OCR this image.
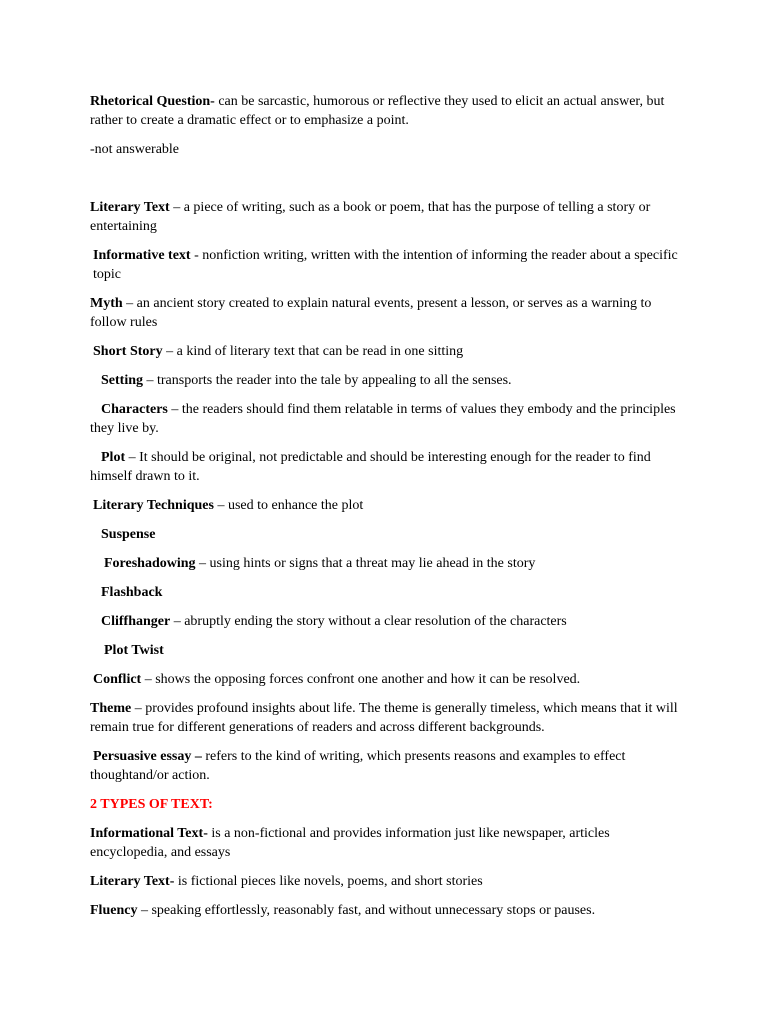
Rhetorical Question- can be sarcastic, humorous or reflective they used to elicit an actual answer, but rather to create a dramatic effect or to emphasize a point.

-not answerable

Literary Text – a piece of writing, such as a book or poem, that has the purpose of telling a story or entertaining

Informative text - nonfiction writing, written with the intention of informing the reader about a specific topic

Myth – an ancient story created to explain natural events, present a lesson, or serves as a warning to follow rules

Short Story – a kind of literary text that can be read in one sitting

Setting – transports the reader into the tale by appealing to all the senses.

Characters – the readers should find them relatable in terms of values they embody and the principles they live by.

Plot – It should be original, not predictable and should be interesting enough for the reader to find himself drawn to it.

Literary Techniques – used to enhance the plot

Suspense

Foreshadowing – using hints or signs that a threat may lie ahead in the story

Flashback

Cliffhanger – abruptly ending the story without a clear resolution of the characters

Plot Twist

Conflict – shows the opposing forces confront one another and how it can be resolved.

Theme – provides profound insights about life. The theme is generally timeless, which means that it will remain true for different generations of readers and across different backgrounds.

Persuasive essay – refers to the kind of writing, which presents reasons and examples to effect thoughtand/or action.

2 TYPES OF TEXT:

Informational Text- is a non-fictional and provides information just like newspaper, articles encyclopedia, and essays

Literary Text- is fictional pieces like novels, poems, and short stories

Fluency – speaking effortlessly, reasonably fast, and without unnecessary stops or pauses.
